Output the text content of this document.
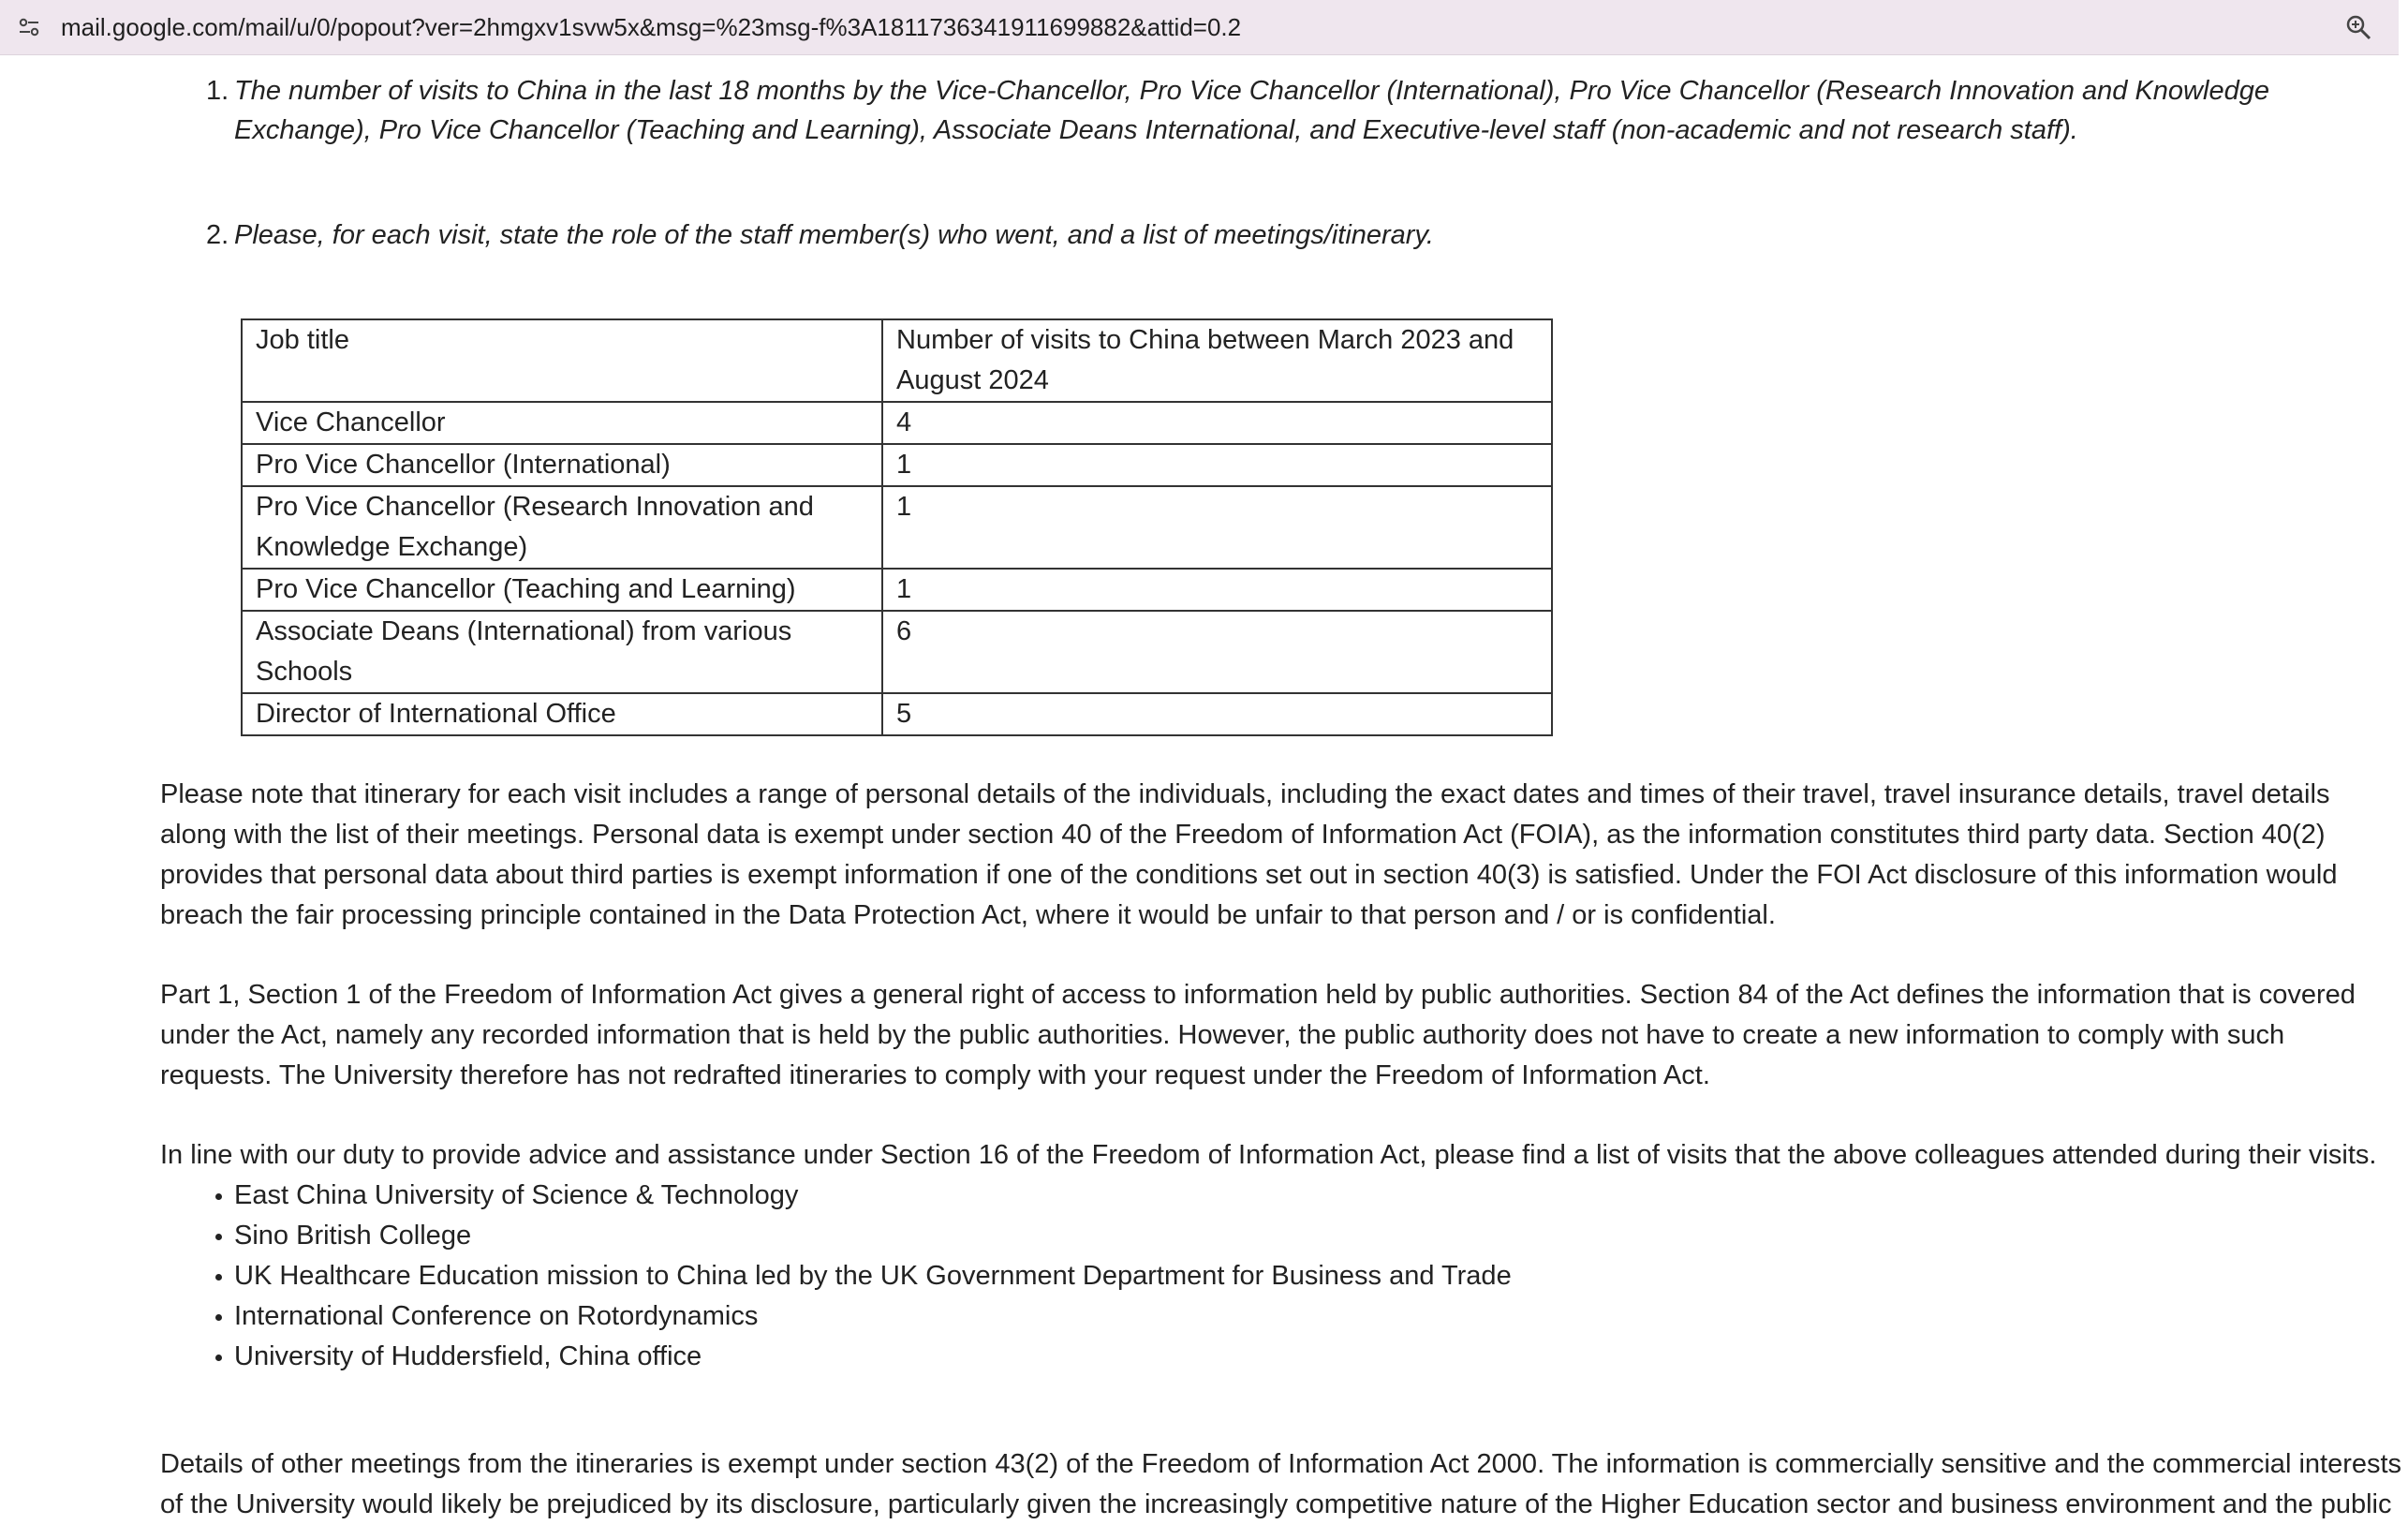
mail.google.com/mail/u/0/popout?ver=2hmgxv1svw5x&msg=%23msg-f%3A1811736341911699882&attid=0.2
1. The number of visits to China in the last 18 months by the Vice-Chancellor, Pro Vice Chancellor (International), Pro Vice Chancellor (Research Innovation and Knowledge Exchange), Pro Vice Chancellor (Teaching and Learning), Associate Deans International, and Executive-level staff (non-academic and not research staff).
2. Please, for each visit, state the role of the staff member(s) who went, and a list of meetings/itinerary.
Job title	Number of visits to China between March 2023 and August 2024
Vice Chancellor	4
Pro Vice Chancellor (International)	1
Pro Vice Chancellor (Research Innovation and Knowledge Exchange)	1
Pro Vice Chancellor (Teaching and Learning)	1
Associate Deans (International) from various Schools	6
Director of International Office	5
Please note that itinerary for each visit includes a range of personal details of the individuals, including the exact dates and times of their travel, travel insurance details, travel details along with the list of their meetings. Personal data is exempt under section 40 of the Freedom of Information Act (FOIA), as the information constitutes third party data. Section 40(2) provides that personal data about third parties is exempt information if one of the conditions set out in section 40(3) is satisfied. Under the FOI Act disclosure of this information would breach the fair processing principle contained in the Data Protection Act, where it would be unfair to that person and / or is confidential.
Part 1, Section 1 of the Freedom of Information Act gives a general right of access to information held by public authorities. Section 84 of the Act defines the information that is covered under the Act, namely any recorded information that is held by the public authorities. However, the public authority does not have to create a new information to comply with such requests. The University therefore has not redrafted itineraries to comply with your request under the Freedom of Information Act.
In line with our duty to provide advice and assistance under Section 16 of the Freedom of Information Act, please find a list of visits that the above colleagues attended during their visits.
East China University of Science & Technology
Sino British College
UK Healthcare Education mission to China led by the UK Government Department for Business and Trade
International Conference on Rotordynamics
University of Huddersfield, China office
Details of other meetings from the itineraries is exempt under section 43(2) of the Freedom of Information Act 2000. The information is commercially sensitive and the commercial interests of the University would likely be prejudiced by its disclosure, particularly given the increasingly competitive nature of the Higher Education sector and business environment and the public
